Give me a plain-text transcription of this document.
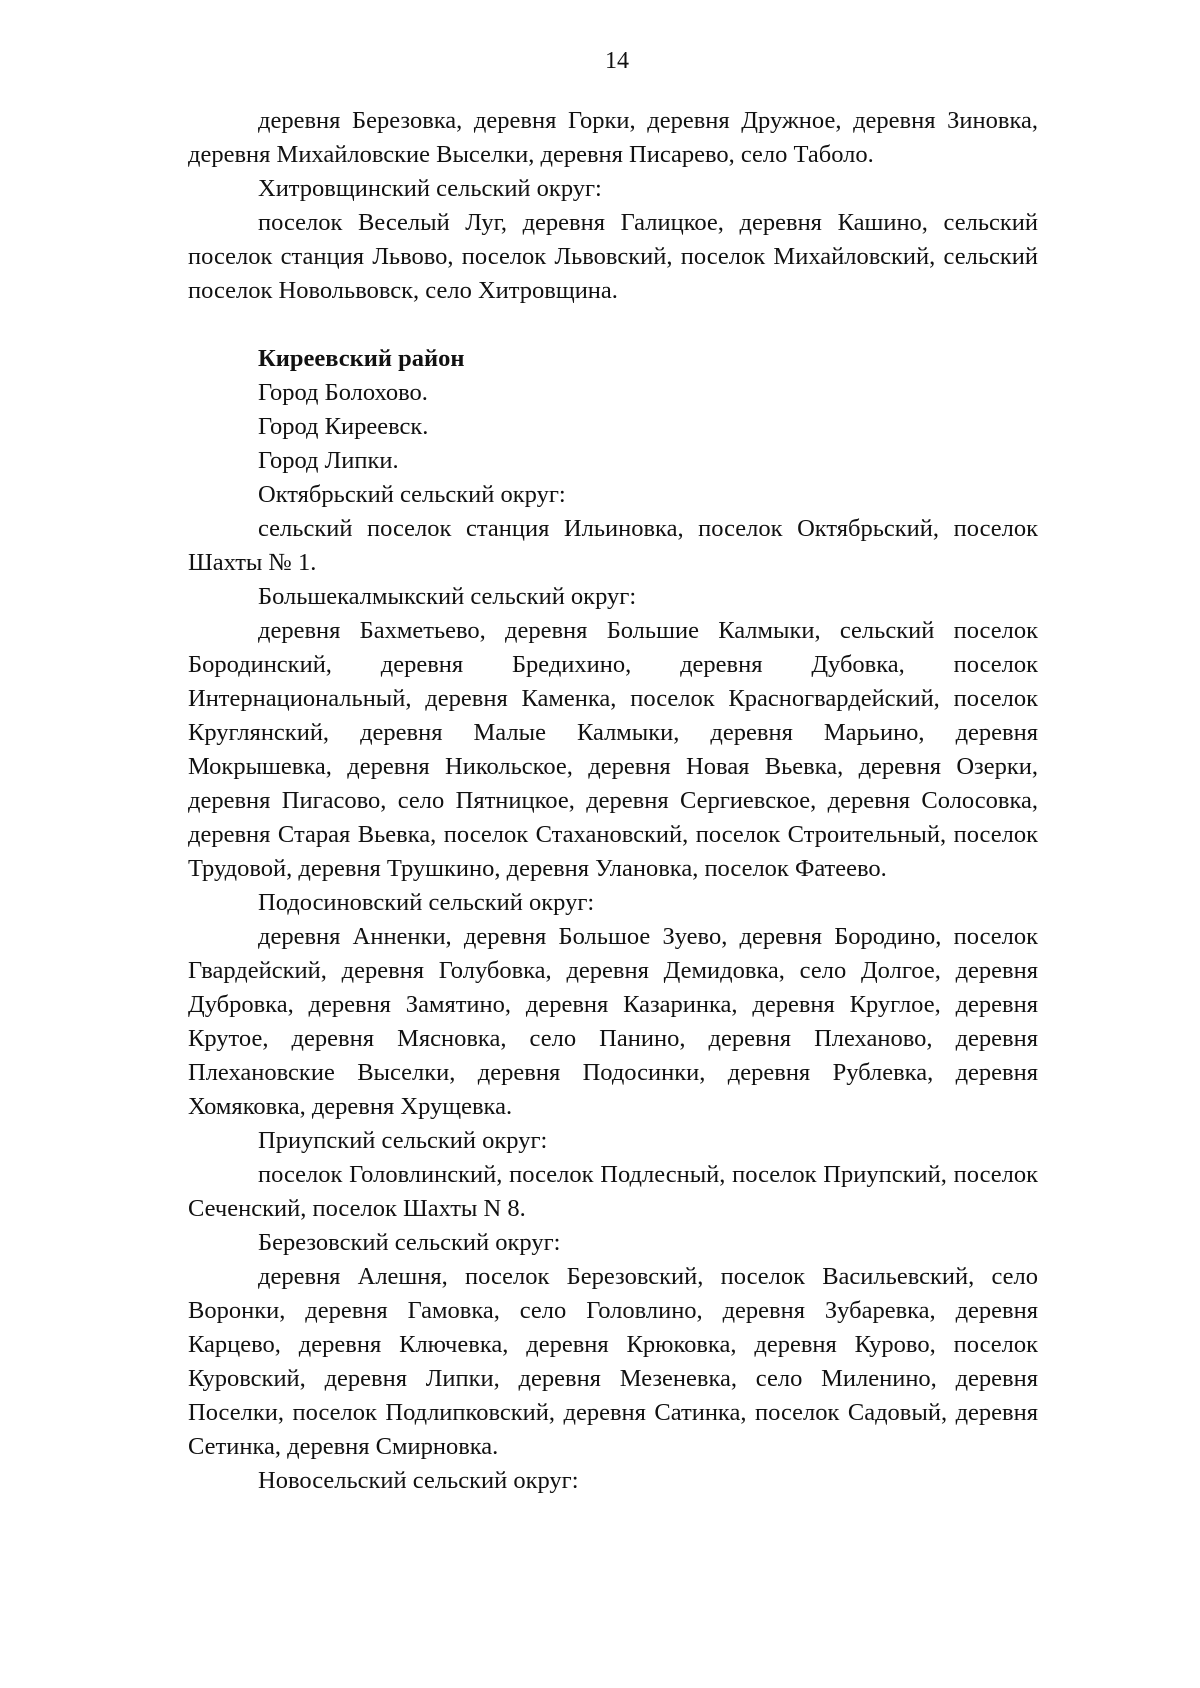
14

деревня Березовка, деревня Горки, деревня Дружное, деревня Зиновка, деревня Михайловские Выселки, деревня Писарево, село Таболо.

Хитровщинский сельский округ:

поселок Веселый Луг, деревня Галицкое, деревня Кашино, сельский поселок станция Львово, поселок Львовский, поселок Михайловский, сельский поселок Новольвовск, село Хитровщина.

Киреевский район

Город Болохово.

Город Киреевск.

Город Липки.

Октябрьский сельский округ:

сельский поселок станция Ильиновка, поселок Октябрьский, поселок Шахты № 1.

Большекалмыкский сельский округ:

деревня Бахметьево, деревня Большие Калмыки, сельский поселок Бородинский, деревня Бредихино, деревня Дубовка, поселок Интернациональный, деревня Каменка, поселок Красногвардейский, поселок Круглянский, деревня Малые Калмыки, деревня Марьино, деревня Мокрышевка, деревня Никольское, деревня Новая Вьевка, деревня Озерки, деревня Пигасово, село Пятницкое, деревня Сергиевское, деревня Солосовка, деревня Старая Вьевка, поселок Стахановский, поселок Строительный, поселок Трудовой, деревня Трушкино, деревня Улановка, поселок Фатеево.

Подосиновский сельский округ:

деревня Анненки, деревня Большое Зуево, деревня Бородино, поселок Гвардейский, деревня Голубовка, деревня Демидовка, село Долгое, деревня Дубровка, деревня Замятино, деревня Казаринка, деревня Круглое, деревня Крутое, деревня Мясновка, село Панино, деревня Плеханово, деревня Плехановские Выселки, деревня Подосинки, деревня Рублевка, деревня Хомяковка, деревня Хрущевка.

Приупский сельский округ:

поселок Головлинский, поселок Подлесный, поселок Приупский, поселок Сеченский, поселок Шахты N 8.

Березовский сельский округ:

деревня Алешня, поселок Березовский, поселок Васильевский, село Воронки, деревня Гамовка, село Головлино, деревня Зубаревка, деревня Карцево, деревня Ключевка, деревня Крюковка, деревня Курово, поселок Куровский, деревня Липки, деревня Мезеневка, село Миленино, деревня Поселки, поселок Подлипковский, деревня Сатинка, поселок Садовый, деревня Сетинка, деревня Смирновка.

Новосельский сельский округ:
